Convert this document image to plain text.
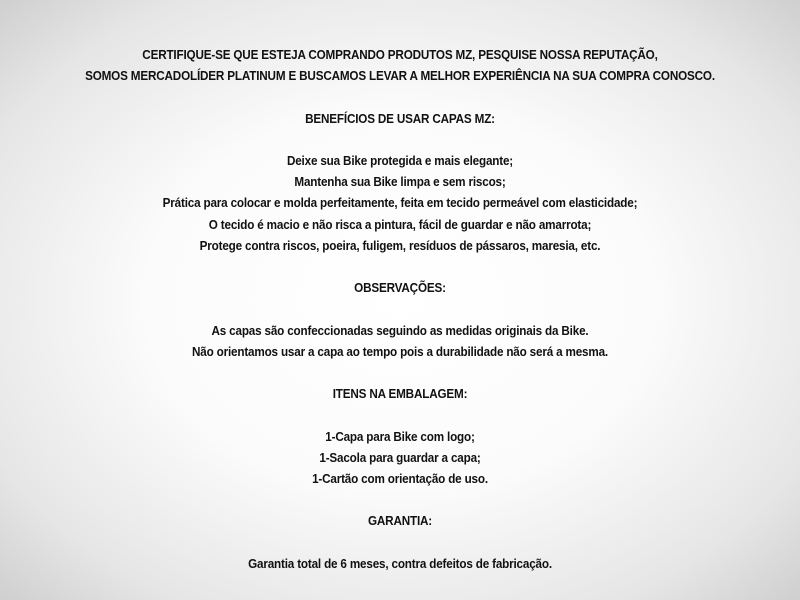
CERTIFIQUE-SE QUE ESTEJA COMPRANDO PRODUTOS MZ, PESQUISE NOSSA REPUTAÇÃO,
SOMOS MERCADOLÍDER PLATINUM E BUSCAMOS LEVAR A MELHOR EXPERIÊNCIA NA SUA COMPRA CONOSCO.
BENEFÍCIOS DE USAR CAPAS MZ:
Deixe sua Bike protegida e mais elegante;
Mantenha sua Bike limpa e sem riscos;
Prática para colocar e molda perfeitamente, feita em tecido permeável com elasticidade;
O tecido é macio e não risca a pintura, fácil de guardar e não amarrota;
Protege contra riscos, poeira, fuligem, resíduos de pássaros, maresia, etc.
OBSERVAÇÕES:
As capas são confeccionadas seguindo as medidas originais da Bike.
Não orientamos usar a capa ao tempo pois a durabilidade não será a mesma.
ITENS NA EMBALAGEM:
1-Capa para Bike com logo;
1-Sacola para guardar a capa;
1-Cartão com orientação de uso.
GARANTIA:
Garantia total de 6 meses, contra defeitos de fabricação.
